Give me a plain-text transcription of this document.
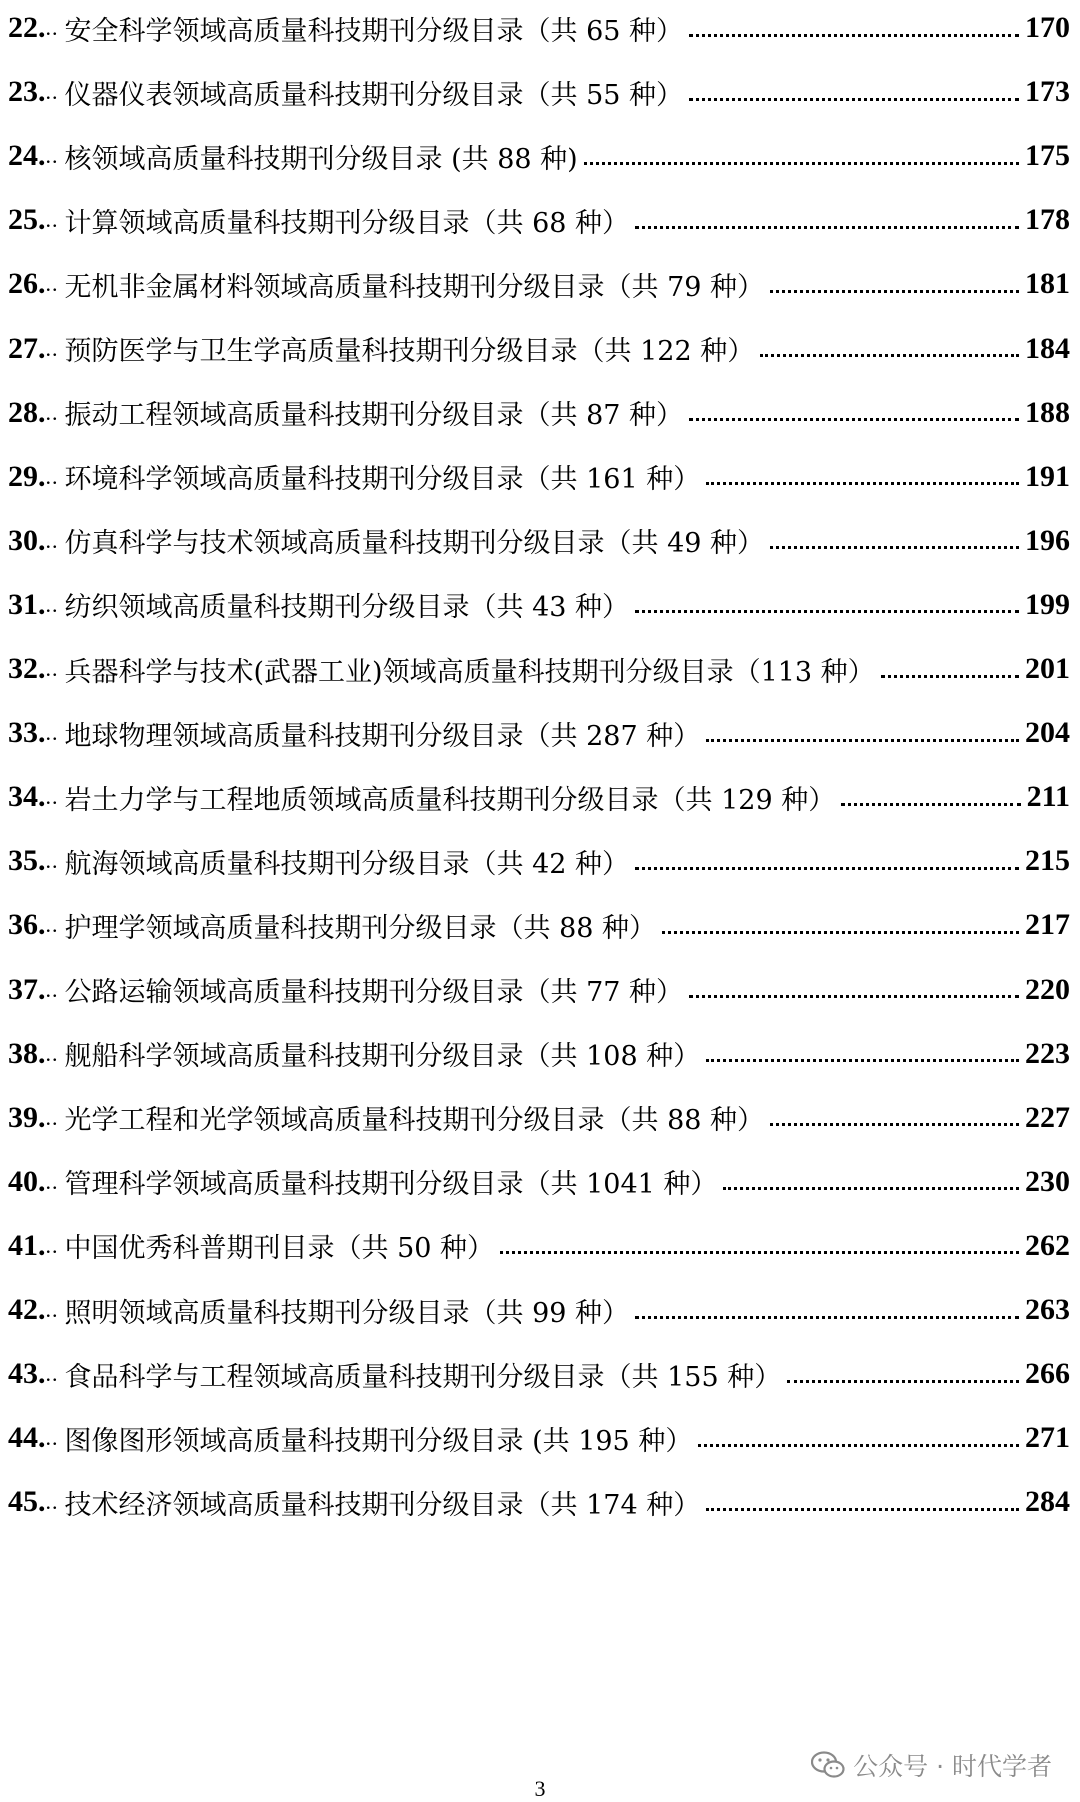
22. .. 安全科学领域高质量科技期刊分级目录（共 65 种）	170
23. .. 仪器仪表领域高质量科技期刊分级目录（共 55 种）	173
24. .. 核领域高质量科技期刊分级目录 (共 88 种)	175
25. .. 计算领域高质量科技期刊分级目录（共 68 种）	178
26. .. 无机非金属材料领域高质量科技期刊分级目录（共 79 种）	181
27. .. 预防医学与卫生学高质量科技期刊分级目录（共 122 种）	184
28. .. 振动工程领域高质量科技期刊分级目录（共 87 种）	188
29. .. 环境科学领域高质量科技期刊分级目录（共 161 种）	191
30. .. 仿真科学与技术领域高质量科技期刊分级目录（共 49 种）	196
31. .. 纺织领域高质量科技期刊分级目录（共 43 种）	199
32. .. 兵器科学与技术(武器工业)领域高质量科技期刊分级目录（113 种）	201
33. .. 地球物理领域高质量科技期刊分级目录（共 287 种）	204
34. .. 岩土力学与工程地质领域高质量科技期刊分级目录（共 129 种）	211
35. .. 航海领域高质量科技期刊分级目录（共 42 种）	215
36. .. 护理学领域高质量科技期刊分级目录（共 88 种）	217
37. .. 公路运输领域高质量科技期刊分级目录（共 77 种）	220
38. .. 舰船科学领域高质量科技期刊分级目录（共 108 种）	223
39. .. 光学工程和光学领域高质量科技期刊分级目录（共 88 种）	227
40. .. 管理科学领域高质量科技期刊分级目录（共 1041 种）	230
41. .. 中国优秀科普期刊目录（共 50 种）	262
42. .. 照明领域高质量科技期刊分级目录（共 99 种）	263
43. .. 食品科学与工程领域高质量科技期刊分级目录（共 155 种）	266
44. .. 图像图形领域高质量科技期刊分级目录 (共 195 种）	271
45. .. 技术经济领域高质量科技期刊分级目录（共 174 种）	284
3
公众号 · 时代学者
